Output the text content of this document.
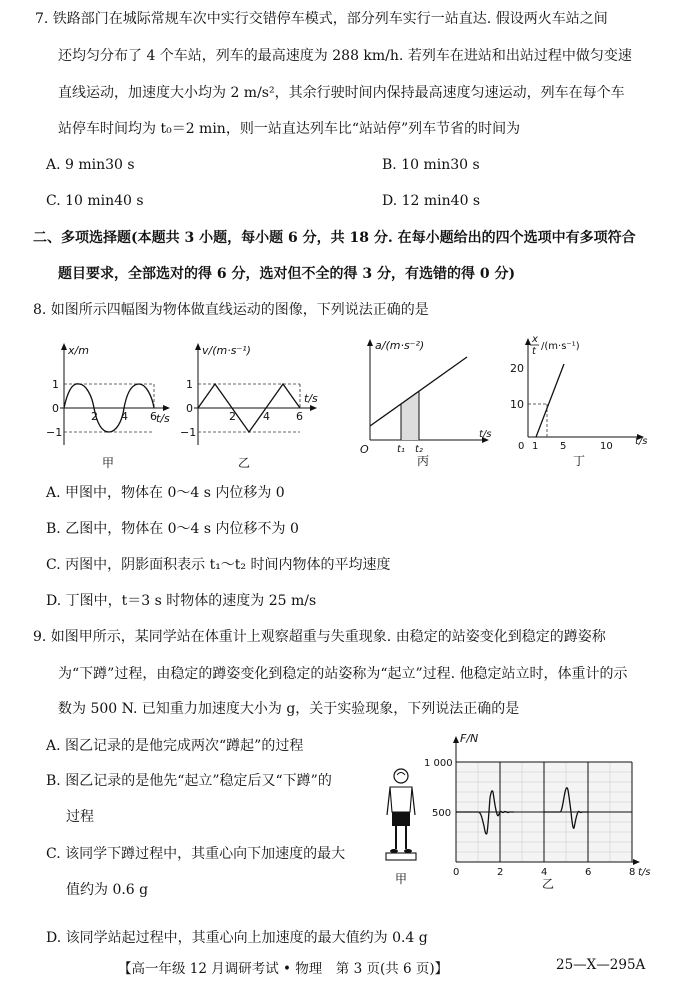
7. 铁路部门在城际常规车次中实行交错停车模式，部分列车实行一站直达. 假设两火车站之间
还均匀分布了 4 个车站，列车的最高速度为 288 km/h. 若列车在进站和出站过程中做匀变速
直线运动，加速度大小均为 2 m/s²，其余行驶时间内保持最高速度匀速运动，列车在每个车
站停车时间均为 t₀＝2 min，则一站直达列车比“站站停”列车节省的时间为
A. 9 min30 s	B. 10 min30 s
C. 10 min40 s	D. 12 min40 s
二、多项选择题(本题共 3 小题，每小题 6 分，共 18 分. 在每小题给出的四个选项中有多项符合
题目要求，全部选对的得 6 分，选对但不全的得 3 分，有选错的得 0 分)
8. 如图所示四幅图为物体做直线运动的图像，下列说法正确的是
x/m
1
0
−1
2 4 6 t/s
甲
v/(m·s⁻¹)
1
0
−1
2 4 6
t/s
乙
a/(m·s⁻²)
O	t₁ t₂
t/s
丙
x
t /(m·s⁻¹)
20
10
0 1 5	10 t/s
丁
A. 甲图中，物体在 0～4 s 内位移为 0
B. 乙图中，物体在 0～4 s 内位移不为 0
C. 丙图中，阴影面积表示 t₁～t₂ 时间内物体的平均速度
D. 丁图中，t＝3 s 时物体的速度为 25 m/s
9. 如图甲所示，某同学站在体重计上观察超重与失重现象. 由稳定的站姿变化到稳定的蹲姿称
为“下蹲”过程，由稳定的蹲姿变化到稳定的站姿称为“起立”过程. 他稳定站立时，体重计的示
数为 500 N. 已知重力加速度大小为 g，关于实验现象，下列说法正确的是
A. 图乙记录的是他完成两次“蹲起”的过程
B. 图乙记录的是他先“起立”稳定后又“下蹲”的
过程
C. 该同学下蹲过程中，其重心向下加速度的最大
值约为 0.6 g
D. 该同学站起过程中，其重心向上加速度的最大值约为 0.4 g
甲
F/N
1 000
500
0	2	4	6	8 t/s
乙
【高一年级 12 月调研考试 • 物理　第 3 页(共 6 页)】	25—X—295A
